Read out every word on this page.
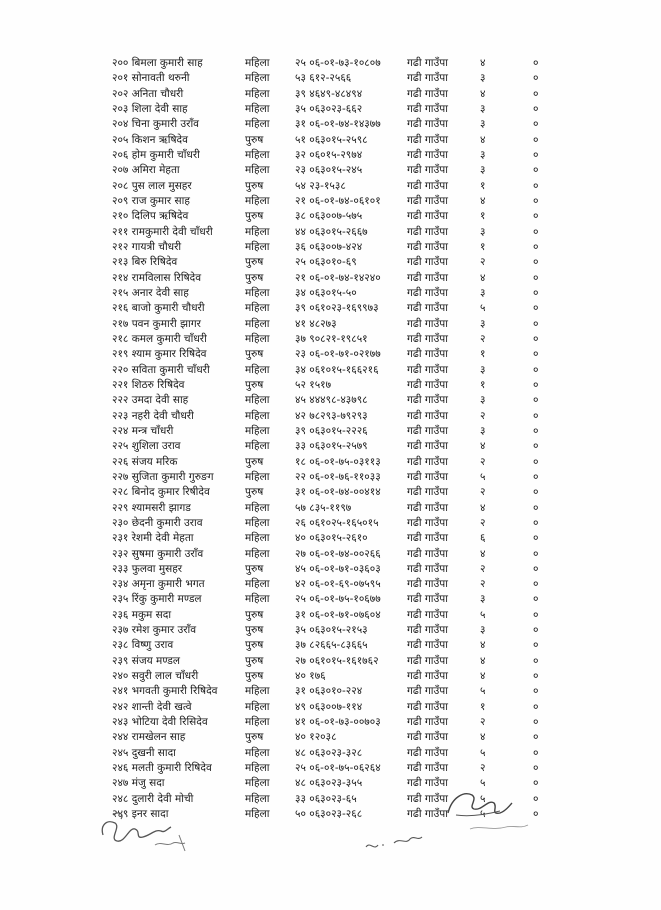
२०० बिमला कुमारी साह	महिला २५ ०६-०१-७३-१०८०७	गढी गाउँपा	४	०
२०१ सोनावती थरुनी	महिला ५३ ६१२-२५६६	गढी गाउँपा	३	०
२०२ अनिता चौधरी	महिला ३९ ४६४९-४८४९४	गढी गाउँपा	४	०
२०३ शिला देवी साह	महिला ३५ ०६३०२३-६६२	गढी गाउँपा	३	०
२०४ चिना कुमारी उराँव	महिला ३१ ०६-०१-७४-१४३७७	गढी गाउँपा	३	०
२०५ किशन ऋषिदेव	पुरुष	५१ ०६३०१५-२५९८	गढी गाउँपा	४	०
२०६ होम कुमारी चाँधरी	महिला ३२ ०६०१५-२९७४	गढी गाउँपा	३	०
२०७ अमिरा मेहता	महिला २३ ०६३०१५-२४५	गढी गाउँपा	३	०
२०८ पुस लाल मुसहर	पुरुष	५४ २३-१५३८	गढी गाउँपा	१	०
२०९ राज कुमार साह	महिला २१ ०६-०१-७४-०६१०१	गढी गाउँपा	४	०
२१० दिलिप ऋषिदेव	पुरुष	३८ ०६३००७-५७५	गढी गाउँपा	१	०
२११ रामकुमारी देवी चाँधरी	महिला ४४ ०६३०१५-२६६७	गढी गाउँपा	३	०
२१२ गायत्री चौधरी	महिला ३६ ०६३००७-४२४	गढी गाउँपा	१	०
२१३ बिरु रिषिदेव	पुरुष	२५ ०६३०१०-६९	गढी गाउँपा	२	०
२१४ रामविलास रिषिदेव	पुरुष	२१ ०६-०१-७४-१४२४०	गढी गाउँपा	४	०
२१५ अनार देवी साह	महिला ३४ ०६३०१५-५०	गढी गाउँपा	३	०
२१६ बाजो कुमारी चौधरी	महिला ३९ ०६१०२३-१६९९७३	गढी गाउँपा	५	०
२१७ पवन कुमारी झागर	महिला ४१ ४८२७३	गढी गाउँपा	३	०
२१८ कमल कुमारी चाँधरी	महिला ३७ ९०८२१-१९८५१	गढी गाउँपा	२	०
२१९ श्याम कुमार रिषिदेव	पुरुष	२३ ०६-०१-७१-०२१७७	गढी गाउँपा	१	०
२२० सविता कुमारी चाँधरी	महिला ३४ ०६१०१५-१६६२१६	गढी गाउँपा	३	०
२२१ शिठरु रिषिदेव	पुरुष	५२ १५१७	गढी गाउँपा	१	०
२२२ उमदा देवी साह	महिला ४५ ४४४९८-४३७९८	गढी गाउँपा	३	०
२२३ नहरी देवी चौधरी	महिला ४२ ७८२९३-७९२९३	गढी गाउँपा	२	०
२२४ मन्त्र चाँधरी	महिला ३९ ०६३०१५-२२२६	गढी गाउँपा	३	०
२२५ शुशिला उराव	महिला ३३ ०६३०१५-२५७९	गढी गाउँपा	४	०
२२६ संजय मरिक	पुरुष	१८ ०६-०१-७५-०३११३	गढी गाउँपा	२	०
२२७ सुजिता कुमारी गुरुङग	महिला २२ ०६-०१-७६-११०३३	गढी गाउँपा	५	०
२२८ बिनोद कुमार रिषीदेव	पुरुष	३१ ०६-०१-७४-००४१४	गढी गाउँपा	२	०
२२९ श्यामसरी झागड	महिला ५७ ८३५-११९७	गढी गाउँपा	४	०
२३० छेदनी कुमारी उराव	महिला २६ ०६१०२५-१६५०१५	गढी गाउँपा	२	०
२३१ रेशमी देवी मेहता	महिला ४० ०६३०१५-२६१०	गढी गाउँपा	६	०
२३२ सुषमा कुमारी उराँव	महिला २७ ०६-०१-७४-००२६६	गढी गाउँपा	४	०
२३३ फुलवा मुसहर	पुरुष	४५ ०६-०१-७१-०३६०३	गढी गाउँपा	२	०
२३४ अमृना कुमारी भगत	महिला ४२ ०६-०१-६९-०७५९५	गढी गाउँपा	२	०
२३५ रिंकु कुमारी मण्डल	महिला २५ ०६-०१-७५-१०६७७	गढी गाउँपा	३	०
२३६ मकुम सदा	पुरुष	३१ ०६-०१-७१-०७६०४	गढी गाउँपा	५	०
२३७ रमेश कुमार उराँव	पुरुष	३५ ०६३०१५-२१५३	गढी गाउँपा	३	०
२३८ विष्णु उराव	पुरुष	३७ ८२६६५-८३६६५	गढी गाउँपा	४	०
२३९ संजय मण्डल	पुरुष	२७ ०६१०१५-१६१७६२	गढी गाउँपा	४	०
२४० सवुरी लाल चाँधरी	पुरुष	४० १७६	गढी गाउँपा	४	०
२४१ भगवती कुमारी रिषिदेव	महिला ३१ ०६३०१०-२२४	गढी गाउँपा	५	०
२४२ शान्ती देवी खत्वे	महिला ४९ ०६३००७-११४	गढी गाउँपा	१	०
२४३ भोटिया देवी रिसिदेव	महिला ४१ ०६-०१-७३-००७०३	गढी गाउँपा	२	०
२४४ रामखेलन साह	पुरुष	४० १२०३८	गढी गाउँपा	४	०
२४५ दुखनी सादा	महिला ४८ ०६३०२३-३२८	गढी गाउँपा	५	०
२४६ मलती कुमारी रिषिदेव	महिला २५ ०६-०१-७५-०६२६४	गढी गाउँपा	२	०
२४७ मंजु सदा	महिला ४८ ०६३०२३-३५५	गढी गाउँपा	५	०
२४८ दुलारी देवी मोची	महिला ३३ ०६३०२३-६५	गढी गाउँपा	५	०
२४९ इनर सादा	महिला ५० ०६३०२३-२६८	गढी गाउँपा	५	०
